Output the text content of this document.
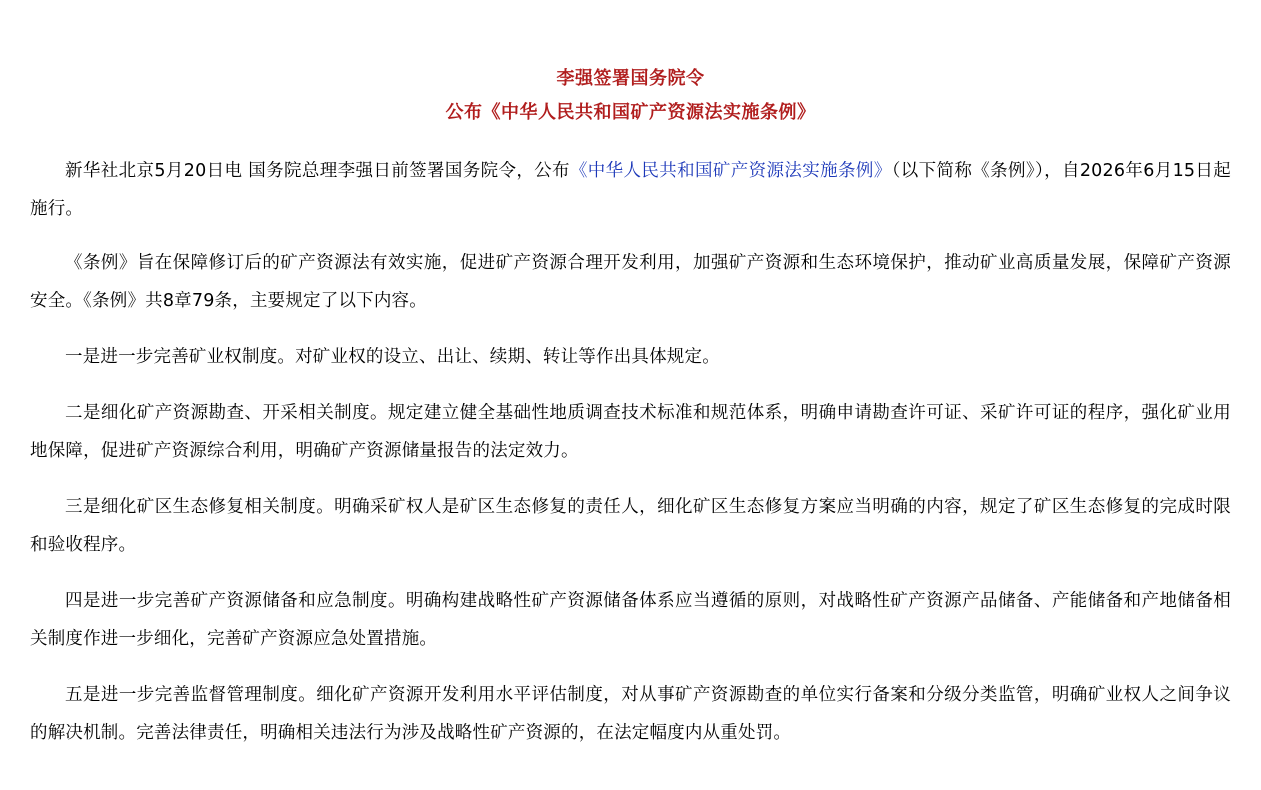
李强签署国务院令
公布《中华人民共和国矿产资源法实施条例》

新华社北京5月20日电 国务院总理李强日前签署国务院令，公布《中华人民共和国矿产资源法实施条例》（以下简称《条例》），自2026年6月15日起施行。

《条例》旨在保障修订后的矿产资源法有效实施，促进矿产资源合理开发利用，加强矿产资源和生态环境保护，推动矿业高质量发展，保障矿产资源安全。《条例》共8章79条，主要规定了以下内容。

一是进一步完善矿业权制度。对矿业权的设立、出让、续期、转让等作出具体规定。

二是细化矿产资源勘查、开采相关制度。规定建立健全基础性地质调查技术标准和规范体系，明确申请勘查许可证、采矿许可证的程序，强化矿业用地保障，促进矿产资源综合利用，明确矿产资源储量报告的法定效力。

三是细化矿区生态修复相关制度。明确采矿权人是矿区生态修复的责任人，细化矿区生态修复方案应当明确的内容，规定了矿区生态修复的完成时限和验收程序。

四是进一步完善矿产资源储备和应急制度。明确构建战略性矿产资源储备体系应当遵循的原则，对战略性矿产资源产品储备、产能储备和产地储备相关制度作进一步细化，完善矿产资源应急处置措施。

五是进一步完善监督管理制度。细化矿产资源开发利用水平评估制度，对从事矿产资源勘查的单位实行备案和分级分类监管，明确矿业权人之间争议的解决机制。完善法律责任，明确相关违法行为涉及战略性矿产资源的，在法定幅度内从重处罚。
